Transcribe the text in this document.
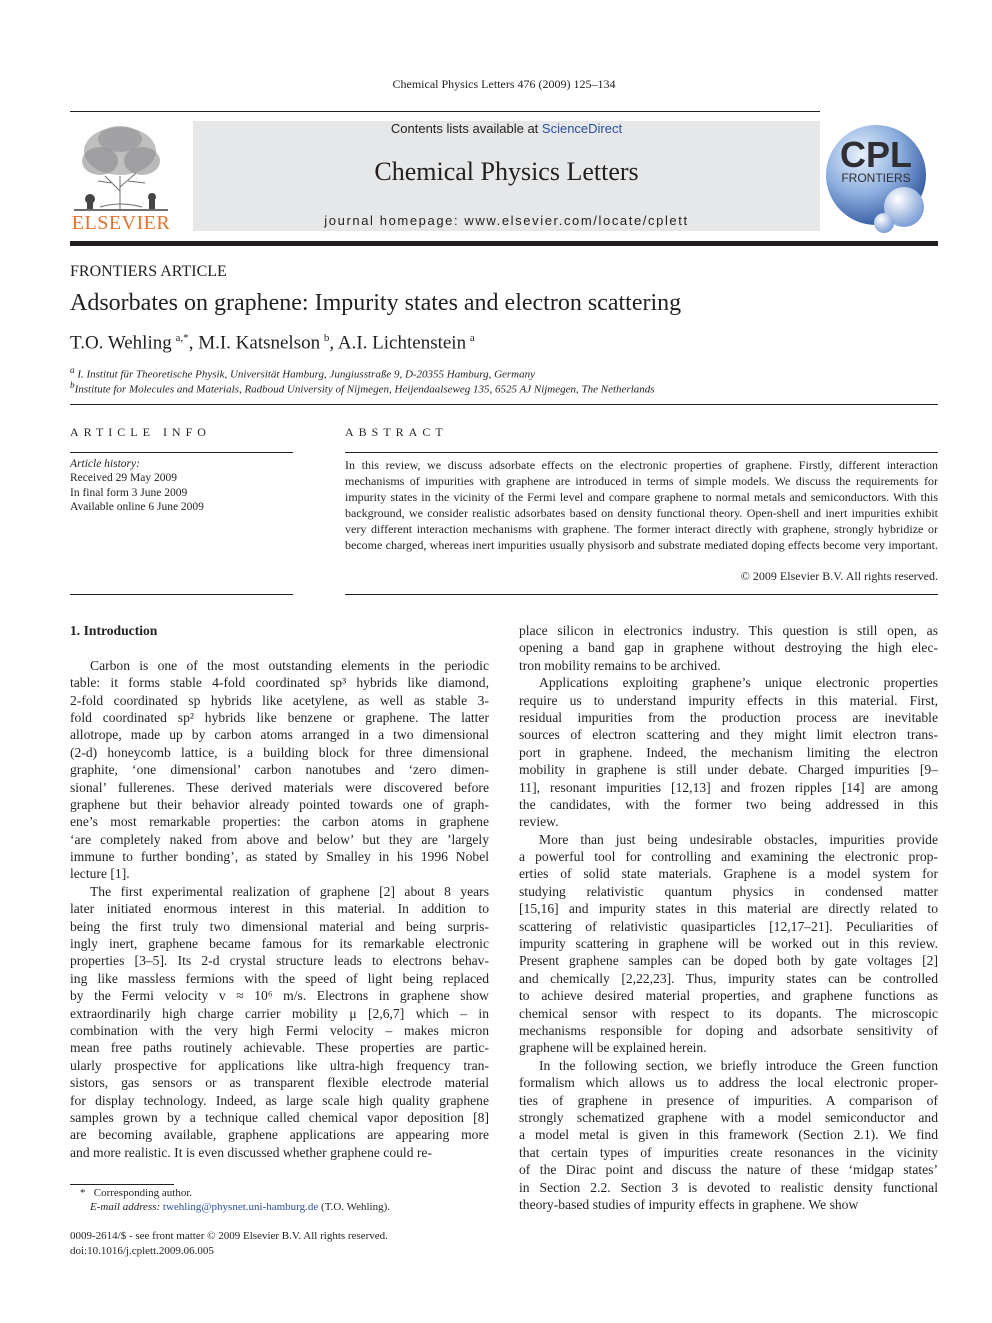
Chemical Physics Letters 476 (2009) 125–134
ELSEVIER
Contents lists available at ScienceDirect
Chemical Physics Letters
journal homepage: www.elsevier.com/locate/cplett
CPL
FRONTIERS
FRONTIERS ARTICLE
Adsorbates on graphene: Impurity states and electron scattering
T.O. Wehling  $^{a,*}$, M.I. Katsnelson  $^b$, A.I. Lichtenstein  $^a$
$^a$ I. Institut für Theoretische Physik, Universität Hamburg, Jungiusstraße 9, D-20355 Hamburg, Germany
$^b$Institute for Molecules and Materials, Radboud University of Nijmegen, Heijendaalseweg 135, 6525 AJ Nijmegen, The Netherlands
ARTICLE INFO	ABSTRACT
Article history:
Received 29 May 2009
In final form 3 June 2009
Available online 6 June 2009
In this review, we discuss adsorbate effects on the electronic properties of graphene. Firstly, different interaction mechanisms of impurities with graphene are introduced in terms of simple models. We discuss the requirements for impurity states in the vicinity of the Fermi level and compare graphene to normal metals and semiconductors. With this background, we consider realistic adsorbates based on density functional theory. Open-shell and inert impurities exhibit very different interaction mechanisms with graphene. The former interact directly with graphene, strongly hybridize or become charged, whereas inert impurities usually physisorb and substrate mediated doping effects become very important.
© 2009 Elsevier B.V. All rights reserved.
1. Introduction
Carbon is one of the most outstanding elements in the periodic
table: it forms stable 4-fold coordinated sp³ hybrids like diamond,
2-fold coordinated sp hybrids like acetylene, as well as stable 3-
fold coordinated sp² hybrids like benzene or graphene. The latter
allotrope, made up by carbon atoms arranged in a two dimensional
(2-d) honeycomb lattice, is a building block for three dimensional
graphite, ‘one dimensional’ carbon nanotubes and ‘zero dimen-
sional’ fullerenes. These derived materials were discovered before
graphene but their behavior already pointed towards one of graph-
ene’s most remarkable properties: the carbon atoms in graphene
‘are completely naked from above and below’ but they are ’largely
immune to further bonding’, as stated by Smalley in his 1996 Nobel
lecture [1].
The first experimental realization of graphene [2] about 8 years
later initiated enormous interest in this material. In addition to
being the first truly two dimensional material and being surpris-
ingly inert, graphene became famous for its remarkable electronic
properties [3–5]. Its 2-d crystal structure leads to electrons behav-
ing like massless fermions with the speed of light being replaced
by the Fermi velocity v ≈ 10⁶ m/s. Electrons in graphene show
extraordinarily high charge carrier mobility μ [2,6,7] which – in
combination with the very high Fermi velocity – makes micron
mean free paths routinely achievable. These properties are partic-
ularly prospective for applications like ultra-high frequency tran-
sistors, gas sensors or as transparent flexible electrode material
for display technology. Indeed, as large scale high quality graphene
samples grown by a technique called chemical vapor deposition [8]
are becoming available, graphene applications are appearing more
and more realistic. It is even discussed whether graphene could re-
place silicon in electronics industry. This question is still open, as
opening a band gap in graphene without destroying the high elec-
tron mobility remains to be archived.
Applications exploiting graphene’s unique electronic properties
require us to understand impurity effects in this material. First,
residual impurities from the production process are inevitable
sources of electron scattering and they might limit electron trans-
port in graphene. Indeed, the mechanism limiting the electron
mobility in graphene is still under debate. Charged impurities [9–
11], resonant impurities [12,13] and frozen ripples [14] are among
the candidates, with the former two being addressed in this
review.
More than just being undesirable obstacles, impurities provide
a powerful tool for controlling and examining the electronic prop-
erties of solid state materials. Graphene is a model system for
studying relativistic quantum physics in condensed matter
[15,16] and impurity states in this material are directly related to
scattering of relativistic quasiparticles [12,17–21]. Peculiarities of
impurity scattering in graphene will be worked out in this review.
Present graphene samples can be doped both by gate voltages [2]
and chemically [2,22,23]. Thus, impurity states can be controlled
to achieve desired material properties, and graphene functions as
chemical sensor with respect to its dopants. The microscopic
mechanisms responsible for doping and adsorbate sensitivity of
graphene will be explained herein.
In the following section, we briefly introduce the Green function
formalism which allows us to address the local electronic proper-
ties of graphene in presence of impurities. A comparison of
strongly schematized graphene with a model semiconductor and
a model metal is given in this framework (Section 2.1). We find
that certain types of impurities create resonances in the vicinity
of the Dirac point and discuss the nature of these ‘midgap states’
in Section 2.2. Section 3 is devoted to realistic density functional
theory-based studies of impurity effects in graphene. We show
* Corresponding author.
E-mail address: twehling@physnet.uni-hamburg.de (T.O. Wehling).
0009-2614/$ - see front matter © 2009 Elsevier B.V. All rights reserved.
doi:10.1016/j.cplett.2009.06.005
